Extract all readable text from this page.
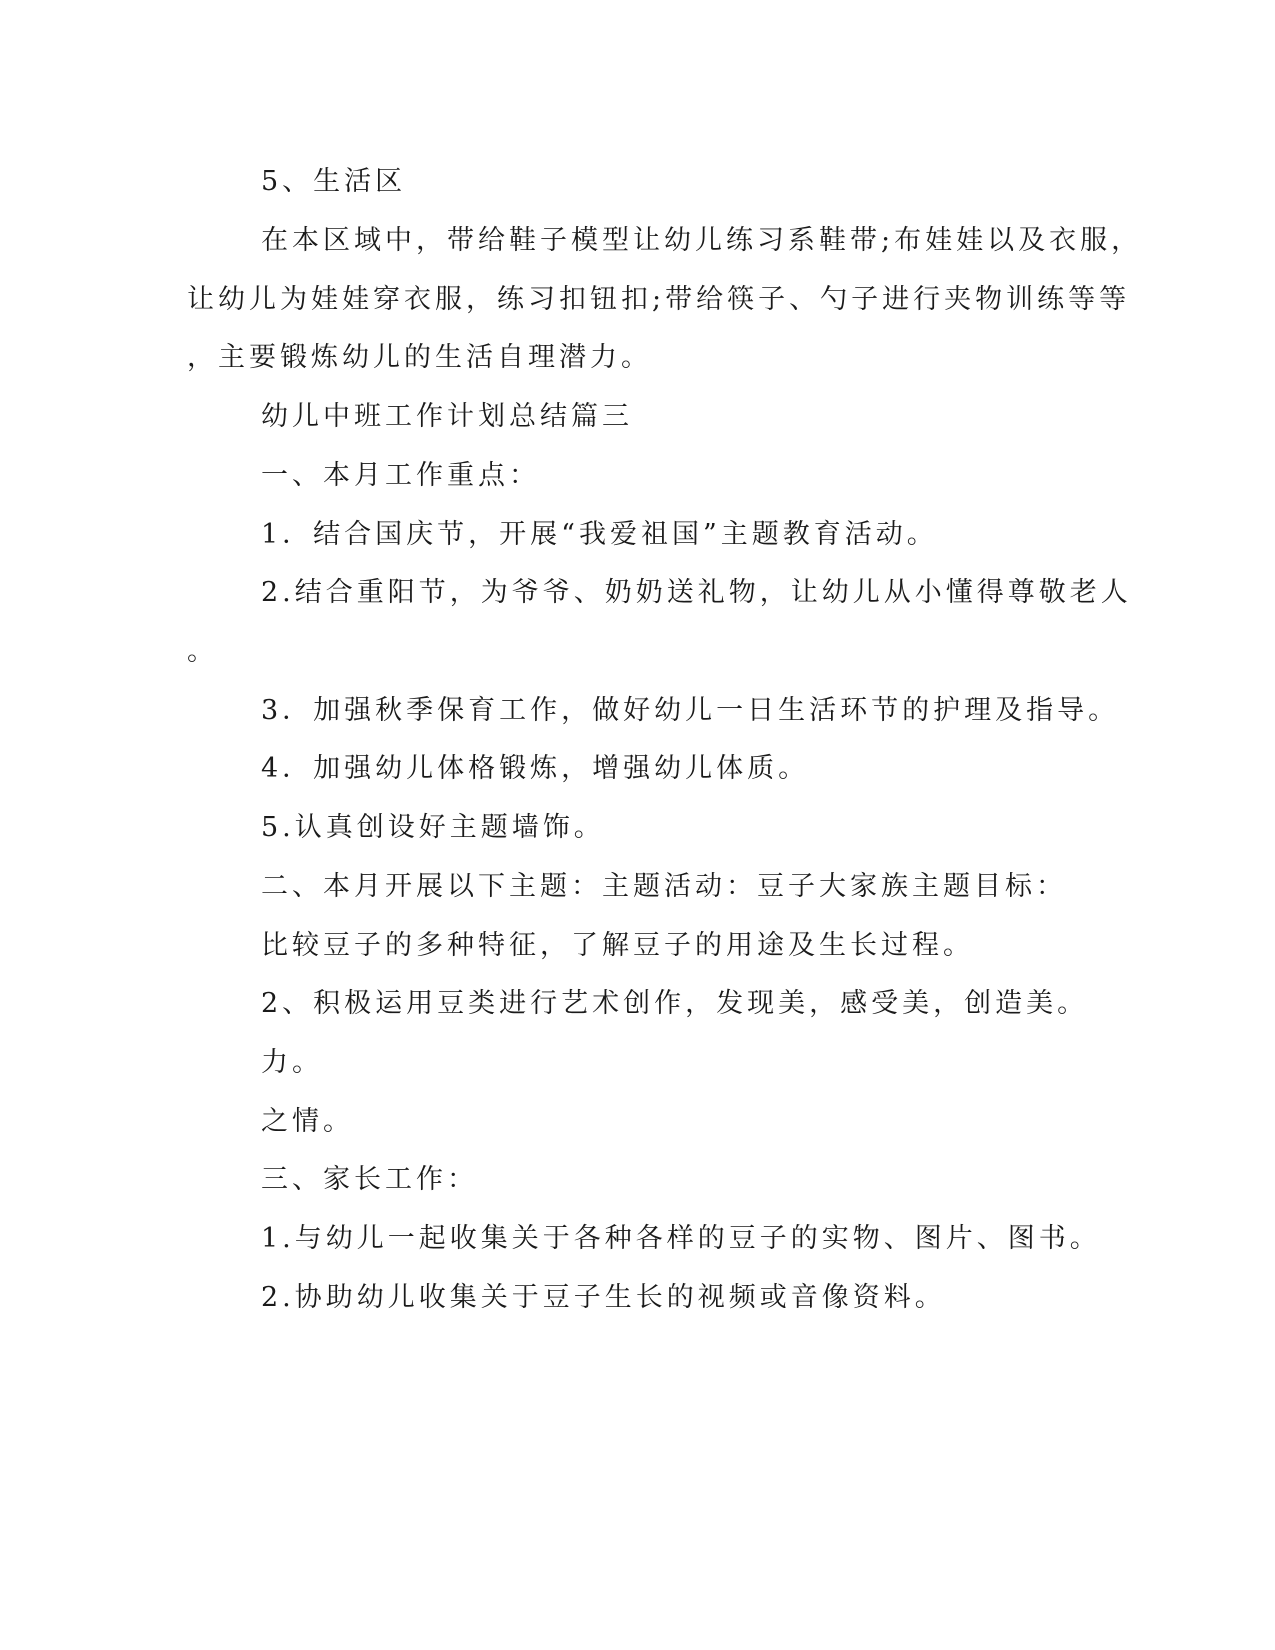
5、生活区

在本区域中，带给鞋子模型让幼儿练习系鞋带;布娃娃以及衣服，

让幼儿为娃娃穿衣服，练习扣钮扣;带给筷子、勺子进行夹物训练等等

，主要锻炼幼儿的生活自理潜力。

幼儿中班工作计划总结篇三

一、本月工作重点：

1．结合国庆节，开展“我爱祖国”主题教育活动。

2.结合重阳节，为爷爷、奶奶送礼物，让幼儿从小懂得尊敬老人

。

3．加强秋季保育工作，做好幼儿一日生活环节的护理及指导。

4．加强幼儿体格锻炼，增强幼儿体质。

5.认真创设好主题墙饰。

二、本月开展以下主题：主题活动：豆子大家族主题目标：

比较豆子的多种特征，了解豆子的用途及生长过程。

2、积极运用豆类进行艺术创作，发现美，感受美，创造美。

力。

之情。

三、家长工作：

1.与幼儿一起收集关于各种各样的豆子的实物、图片、图书。

2.协助幼儿收集关于豆子生长的视频或音像资料。
